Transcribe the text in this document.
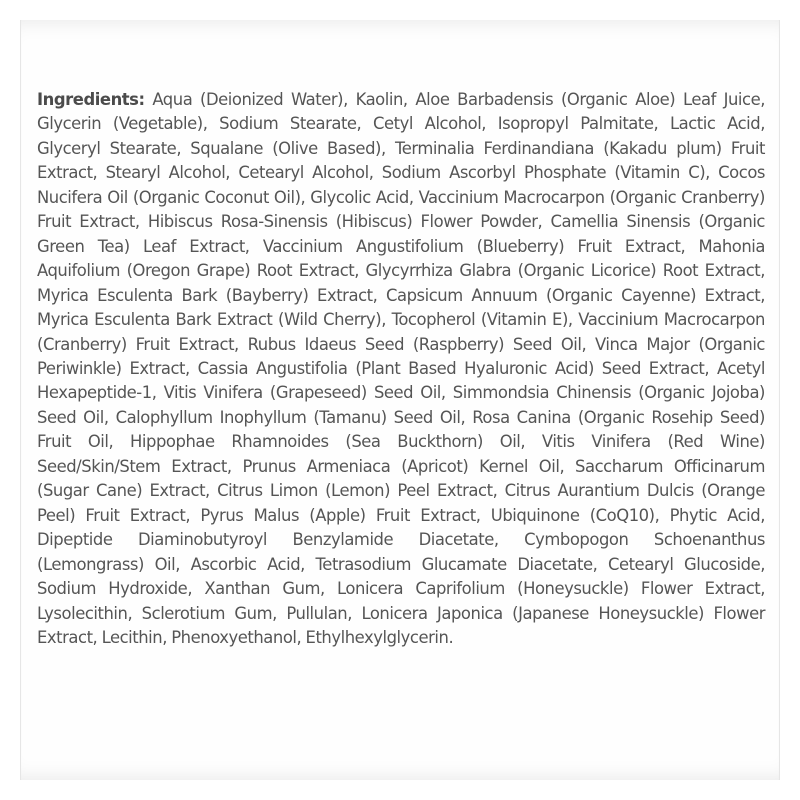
Ingredients: Aqua (Deionized Water), Kaolin, Aloe Barbadensis (Organic Aloe) Leaf Juice, Glycerin (Vegetable), Sodium Stearate, Cetyl Alcohol, Isopropyl Palmitate, Lactic Acid, Glyceryl Stearate, Squalane (Olive Based), Terminalia Ferdinandiana (Kakadu plum) Fruit Extract, Stearyl Alcohol, Cetearyl Alcohol, Sodium Ascorbyl Phosphate (Vitamin C), Cocos Nucifera Oil (Organic Coconut Oil), Glycolic Acid, Vaccinium Macrocarpon (Organic Cranberry) Fruit Extract, Hibiscus Rosa-Sinensis (Hibiscus) Flower Powder, Camellia Sinensis (Organic Green Tea) Leaf Extract, Vaccinium Angustifolium (Blueberry) Fruit Extract, Mahonia Aquifolium (Oregon Grape) Root Extract, Glycyrrhiza Glabra (Organic Licorice) Root Extract, Myrica Esculenta Bark (Bayberry) Extract, Capsicum Annuum (Organic Cayenne) Extract, Myrica Esculenta Bark Extract (Wild Cherry), Tocopherol (Vitamin E), Vaccinium Macrocarpon (Cranberry) Fruit Extract, Rubus Idaeus Seed (Raspberry) Seed Oil, Vinca Major (Organic Periwinkle) Extract, Cassia Angustifolia (Plant Based Hyaluronic Acid) Seed Extract, Acetyl Hexapeptide-1, Vitis Vinifera (Grapeseed) Seed Oil, Simmondsia Chinensis (Organic Jojoba) Seed Oil, Calophyllum Inophyllum (Tamanu) Seed Oil, Rosa Canina (Organic Rosehip Seed) Fruit Oil, Hippophae Rhamnoides (Sea Buckthorn) Oil, Vitis Vinifera (Red Wine) Seed/Skin/Stem Extract, Prunus Armeniaca (Apricot) Kernel Oil, Saccharum Officinarum (Sugar Cane) Extract, Citrus Limon (Lemon) Peel Extract, Citrus Aurantium Dulcis (Orange Peel) Fruit Extract, Pyrus Malus (Apple) Fruit Extract, Ubiquinone (CoQ10), Phytic Acid, Dipeptide Diaminobutyroyl Benzylamide Diacetate, Cymbopogon Schoenanthus (Lemongrass) Oil, Ascorbic Acid, Tetrasodium Glucamate Diacetate, Cetearyl Glucoside, Sodium Hydroxide, Xanthan Gum, Lonicera Caprifolium (Honeysuckle) Flower Extract, Lysolecithin, Sclerotium Gum, Pullulan, Lonicera Japonica (Japanese Honeysuckle) Flower Extract, Lecithin, Phenoxyethanol, Ethylhexylglycerin.
